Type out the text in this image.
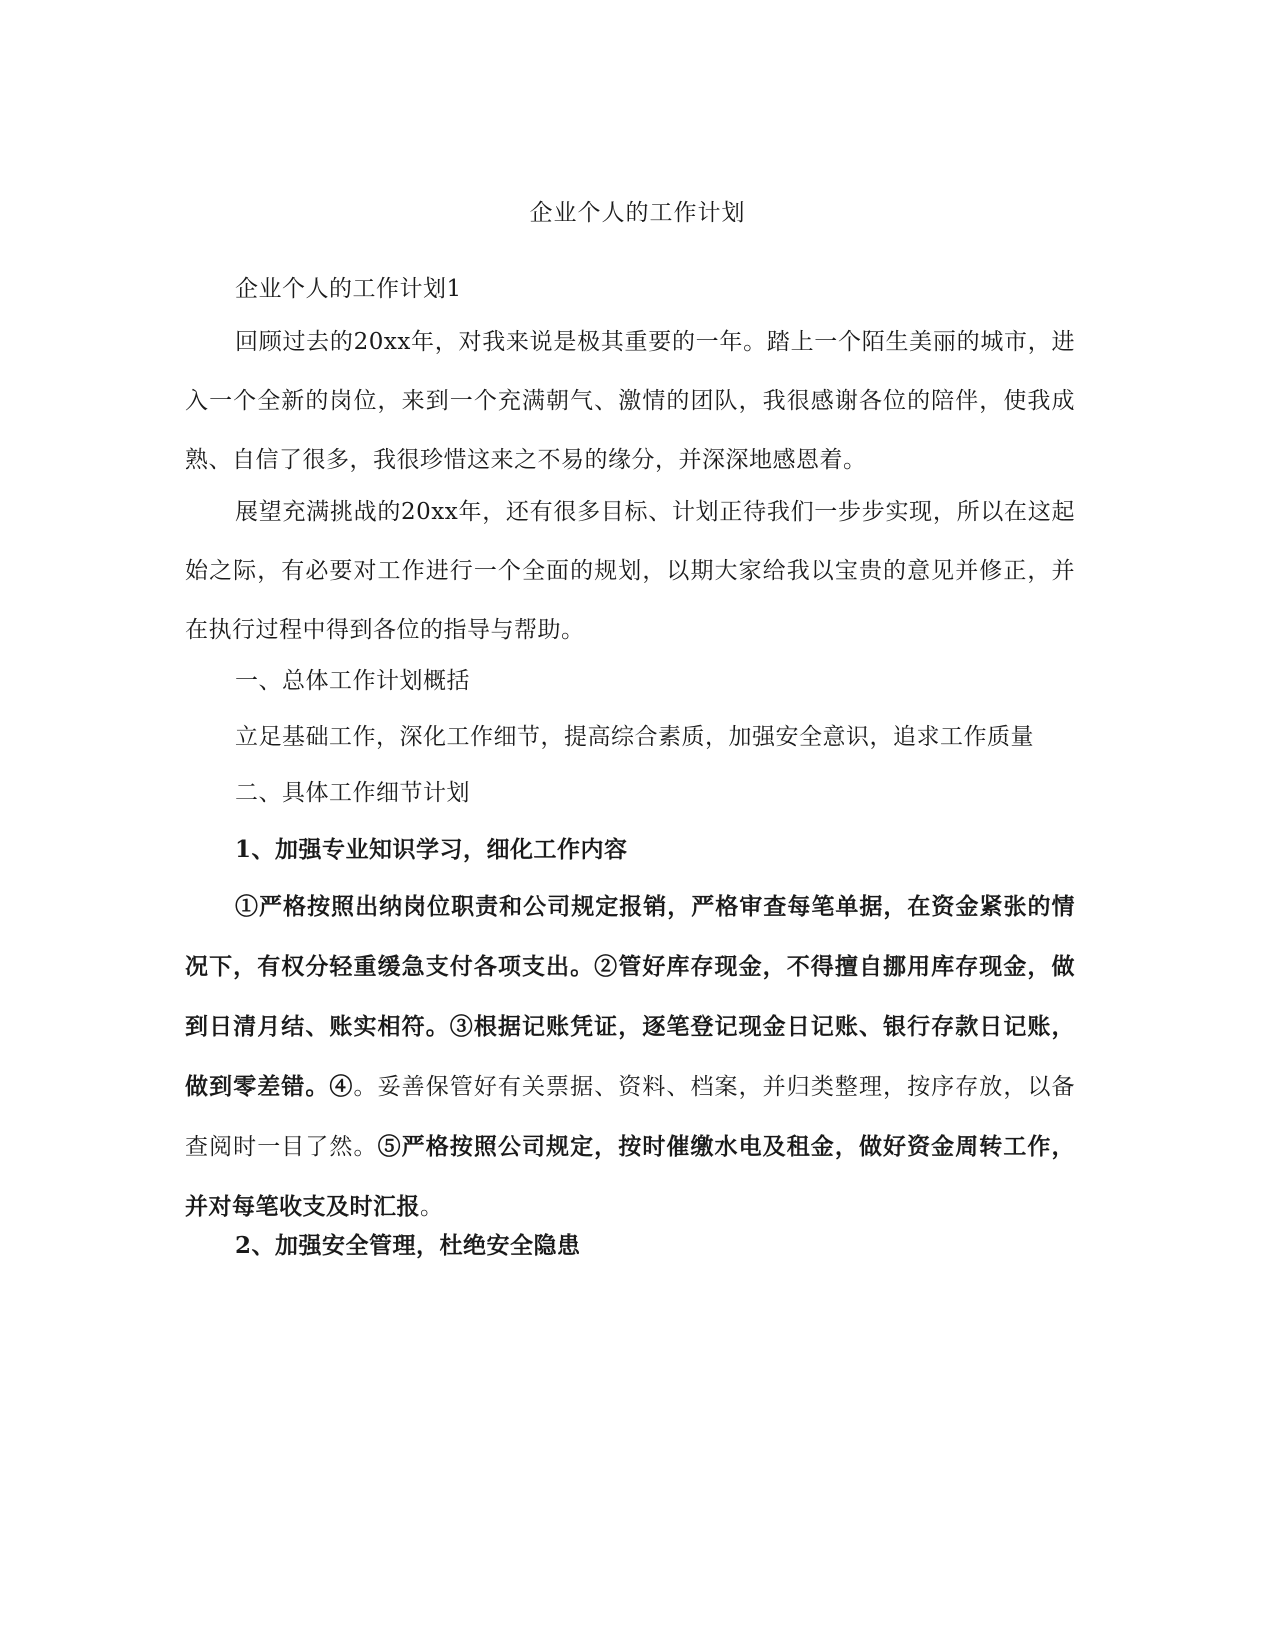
企业个人的工作计划

企业个人的工作计划1

回顾过去的20xx年，对我来说是极其重要的一年。踏上一个陌生美丽的城市，进入一个全新的岗位，来到一个充满朝气、激情的团队，我很感谢各位的陪伴，使我成熟、自信了很多，我很珍惜这来之不易的缘分，并深深地感恩着。

展望充满挑战的20xx年，还有很多目标、计划正待我们一步步实现，所以在这起始之际，有必要对工作进行一个全面的规划，以期大家给我以宝贵的意见并修正，并在执行过程中得到各位的指导与帮助。

一、总体工作计划概括

立足基础工作，深化工作细节，提高综合素质，加强安全意识，追求工作质量

二、具体工作细节计划

1、加强专业知识学习，细化工作内容

①严格按照出纳岗位职责和公司规定报销，严格审查每笔单据，在资金紧张的情况下，有权分轻重缓急支付各项支出。②管好库存现金，不得擅自挪用库存现金，做到日清月结、账实相符。③根据记账凭证，逐笔登记现金日记账、银行存款日记账，做到零差错。④。妥善保管好有关票据、资料、档案，并归类整理，按序存放，以备查阅时一目了然。⑤严格按照公司规定，按时催缴水电及租金，做好资金周转工作，并对每笔收支及时汇报。

2、加强安全管理，杜绝安全隐患
